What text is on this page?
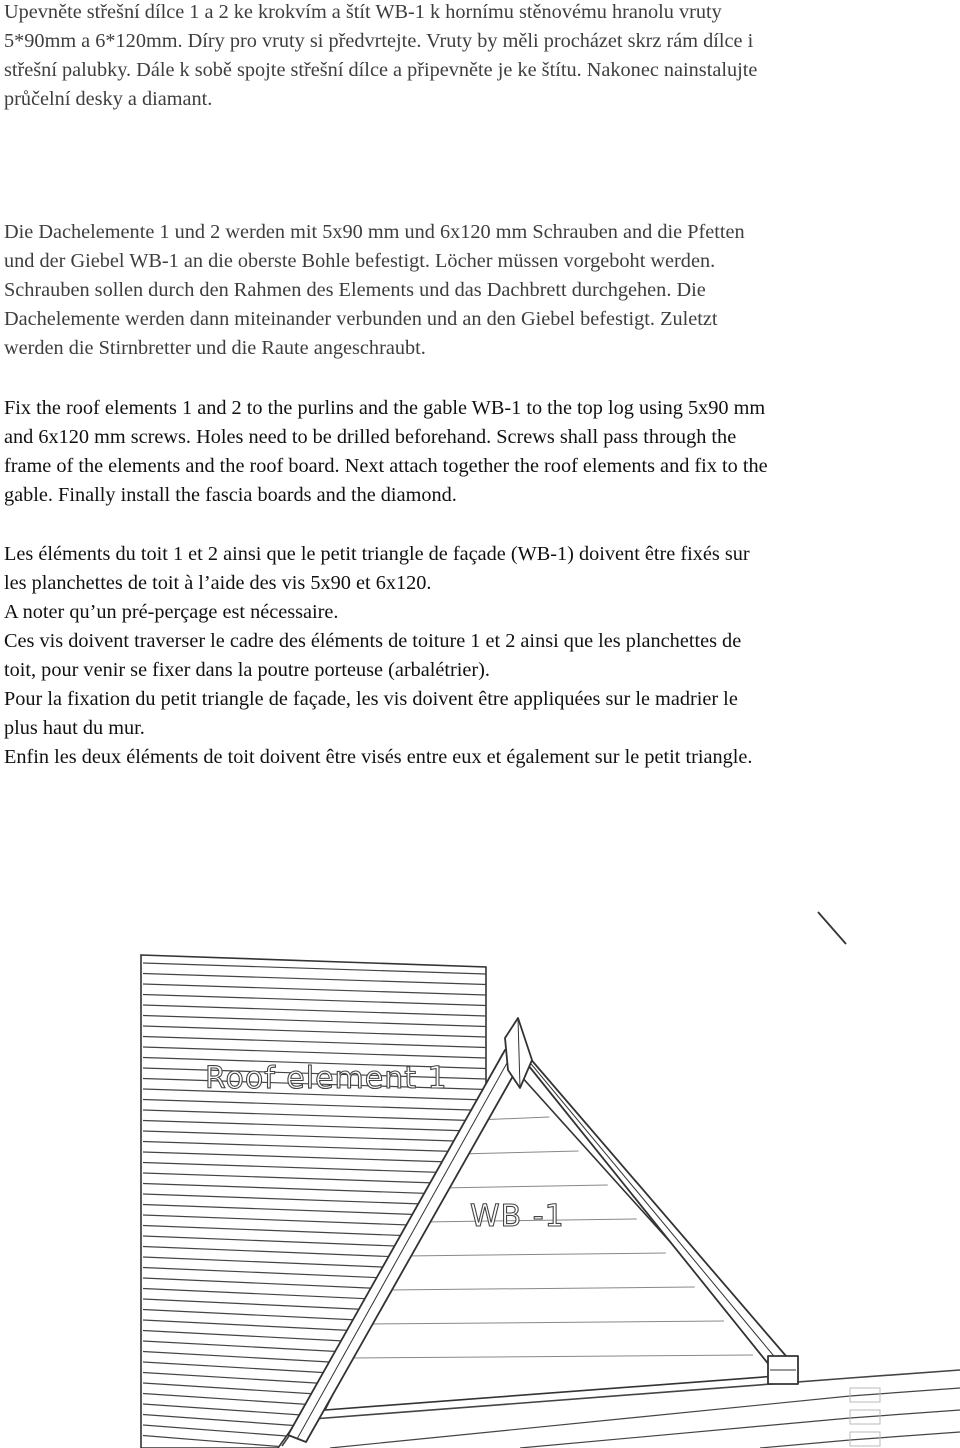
Upevněte střešní dílce 1 a 2 ke krokvím a štít WB-1 k hornímu stěnovému hranolu vruty
5*90mm a 6*120mm. Díry pro vruty si předvrtejte. Vruty by měli procházet skrz rám dílce i
střešní palubky. Dále k sobě spojte střešní dílce a připevněte je ke štítu. Nakonec nainstalujte
průčelní desky a diamant.
Die Dachelemente 1 und 2 werden mit 5x90 mm und 6x120 mm Schrauben and die Pfetten
und der Giebel WB-1 an die oberste Bohle befestigt. Löcher müssen vorgeboht werden.
Schrauben sollen durch den Rahmen des Elements und das Dachbrett durchgehen. Die
Dachelemente werden dann miteinander verbunden und an den Giebel befestigt. Zuletzt
werden die Stirnbretter und die Raute angeschraubt.
Fix the roof elements 1 and 2 to the purlins and the gable WB-1 to the top log using 5x90 mm
and 6x120 mm screws. Holes need to be drilled beforehand. Screws shall pass through the
frame of the elements and the roof board. Next attach together the roof elements and fix to the
gable. Finally install the fascia boards and the diamond.
Les éléments du toit 1 et 2 ainsi que le petit triangle de façade (WB-1) doivent être fixés sur
les planchettes de toit à l’aide des vis 5x90 et 6x120.
A noter qu’un pré-perçage est nécessaire.
Ces vis doivent traverser le cadre des éléments de toiture 1 et 2 ainsi que les planchettes de
toit, pour venir se fixer dans la poutre porteuse (arbalétrier).
Pour la fixation du petit triangle de façade, les vis doivent être appliquées sur le madrier le
plus haut du mur.
Enfin les deux éléments de toit doivent être visés entre eux et également sur le petit triangle.
Roof element 1
WB -1
